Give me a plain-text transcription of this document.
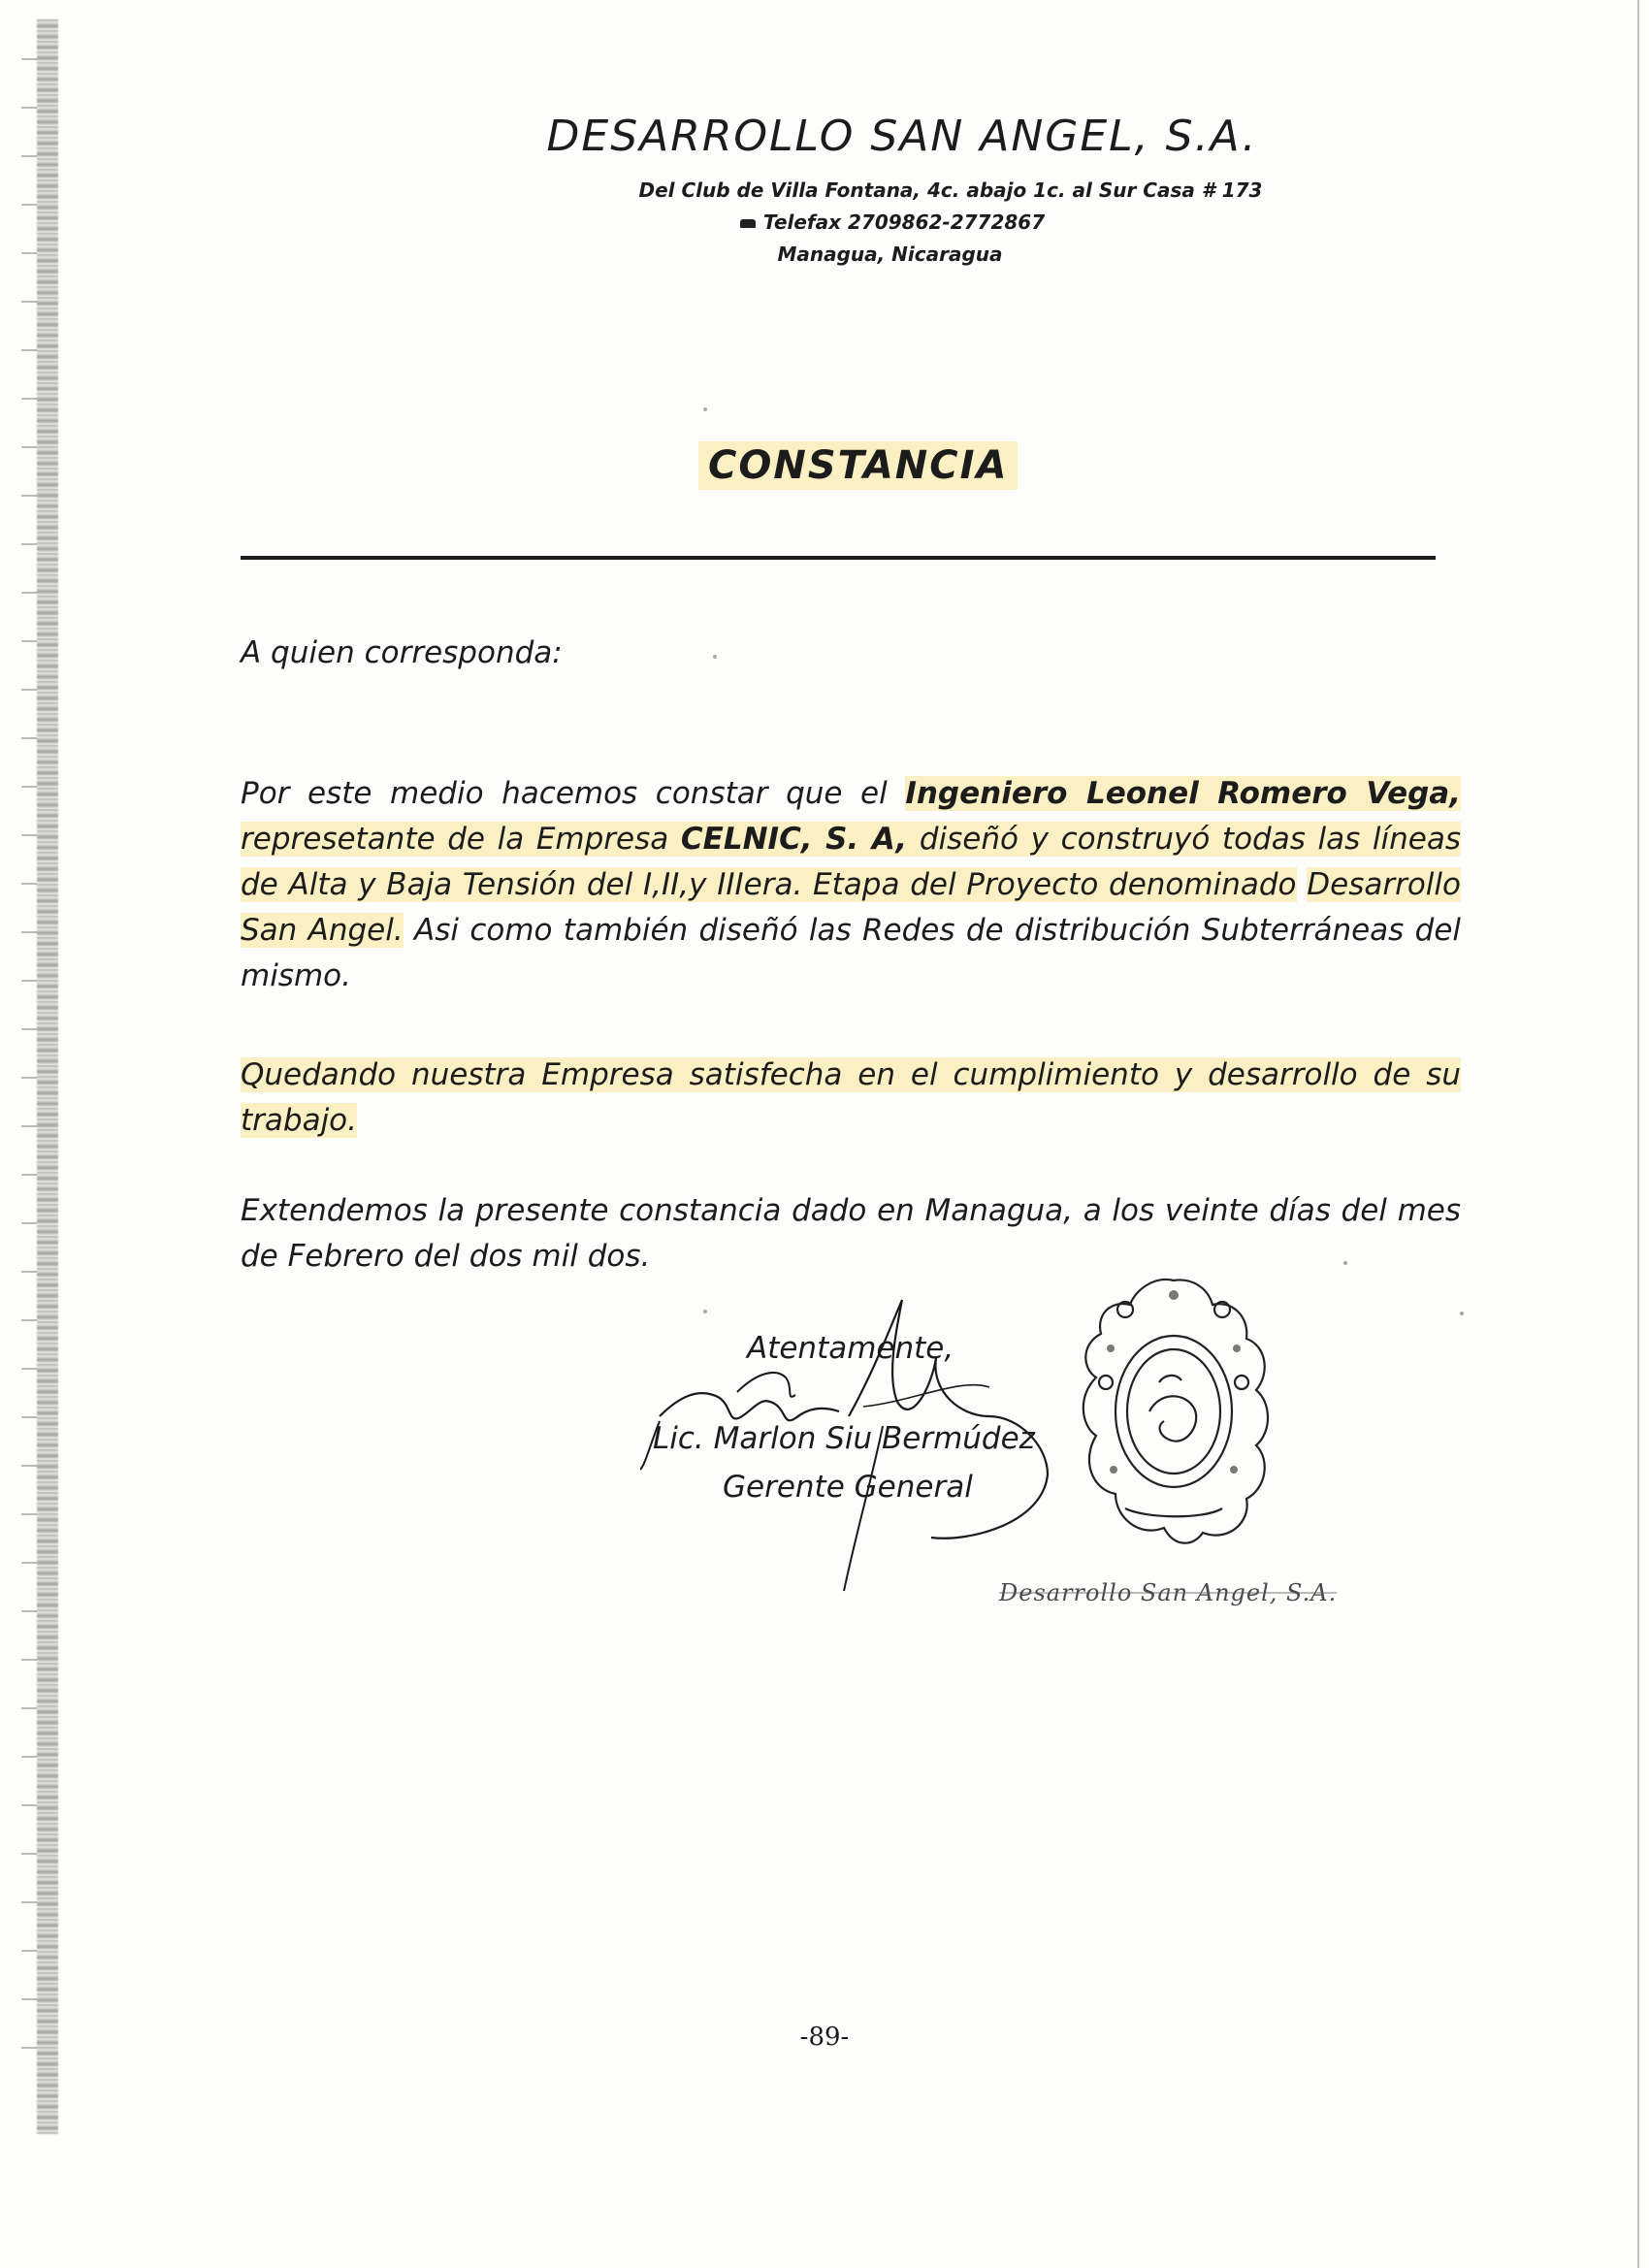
DESARROLLO SAN ANGEL, S.A.
Del Club de Villa Fontana, 4c. abajo 1c. al Sur Casa # 173
Telefax 2709862-2772867
Managua, Nicaragua
CONSTANCIA
A quien corresponda:
Por este medio hacemos constar que el Ingeniero Leonel Romero Vega, represetante de la Empresa CELNIC, S. A, diseñó y construyó todas las líneas de Alta y Baja Tensión del I,II,y IIIera. Etapa del Proyecto denominado Desarrollo San Angel. Asi como también diseñó las Redes de distribución Subterráneas del mismo.
Quedando nuestra Empresa satisfecha en el cumplimiento y desarrollo de su trabajo.
Extendemos la presente constancia dado en Managua, a los veinte días del mes de Febrero del dos mil dos.
Atentamente,
Lic. Marlon Siu Bermúdez
Gerente General
Desarrollo San Angel, S.A.
-89-
